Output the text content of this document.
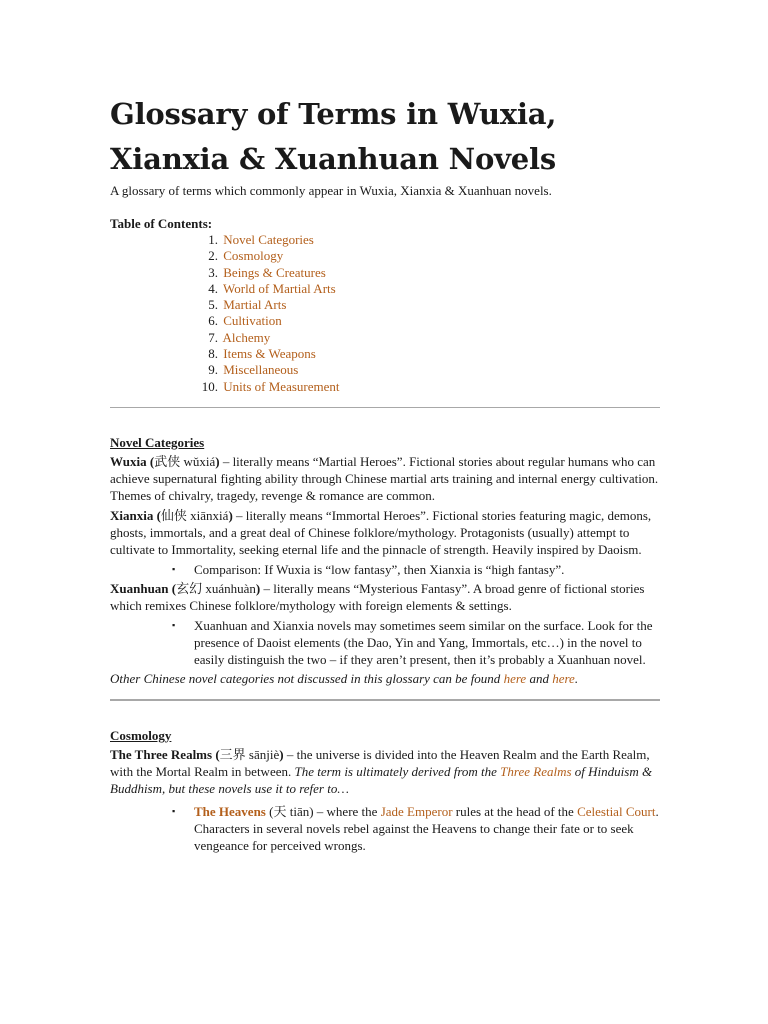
Glossary of Terms in Wuxia,
Xianxia & Xuanhuan Novels

A glossary of terms which commonly appear in Wuxia, Xianxia & Xuanhuan novels.

Table of Contents:
1. Novel Categories
2. Cosmology
3. Beings & Creatures
4. World of Martial Arts
5. Martial Arts
6. Cultivation
7. Alchemy
8. Items & Weapons
9. Miscellaneous
10. Units of Measurement
Novel Categories

Wuxia (武侠 wǔxiá) – literally means “Martial Heroes”. Fictional stories about regular humans who can achieve supernatural fighting ability through Chinese martial arts training and internal energy cultivation. Themes of chivalry, tragedy, revenge & romance are common.

Xianxia (仙侠 xiānxiá) – literally means “Immortal Heroes”. Fictional stories featuring magic, demons, ghosts, immortals, and a great deal of Chinese folklore/mythology. Protagonists (usually) attempt to cultivate to Immortality, seeking eternal life and the pinnacle of strength. Heavily inspired by Daoism.

▪ Comparison: If Wuxia is “low fantasy”, then Xianxia is “high fantasy”.

Xuanhuan (玄幻 xuánhuàn) – literally means “Mysterious Fantasy”. A broad genre of fictional stories which remixes Chinese folklore/mythology with foreign elements & settings.

▪ Xuanhuan and Xianxia novels may sometimes seem similar on the surface. Look for the presence of Daoist elements (the Dao, Yin and Yang, Immortals, etc…) in the novel to easily distinguish the two – if they aren’t present, then it’s probably a Xuanhuan novel.

Other Chinese novel categories not discussed in this glossary can be found here and here.

Cosmology

The Three Realms (三界 sānjiè) – the universe is divided into the Heaven Realm and the Earth Realm, with the Mortal Realm in between. The term is ultimately derived from the Three Realms of Hinduism & Buddhism, but these novels use it to refer to…

▪ The Heavens (天 tiān) – where the Jade Emperor rules at the head of the Celestial Court. Characters in several novels rebel against the Heavens to change their fate or to seek vengeance for perceived wrongs.
